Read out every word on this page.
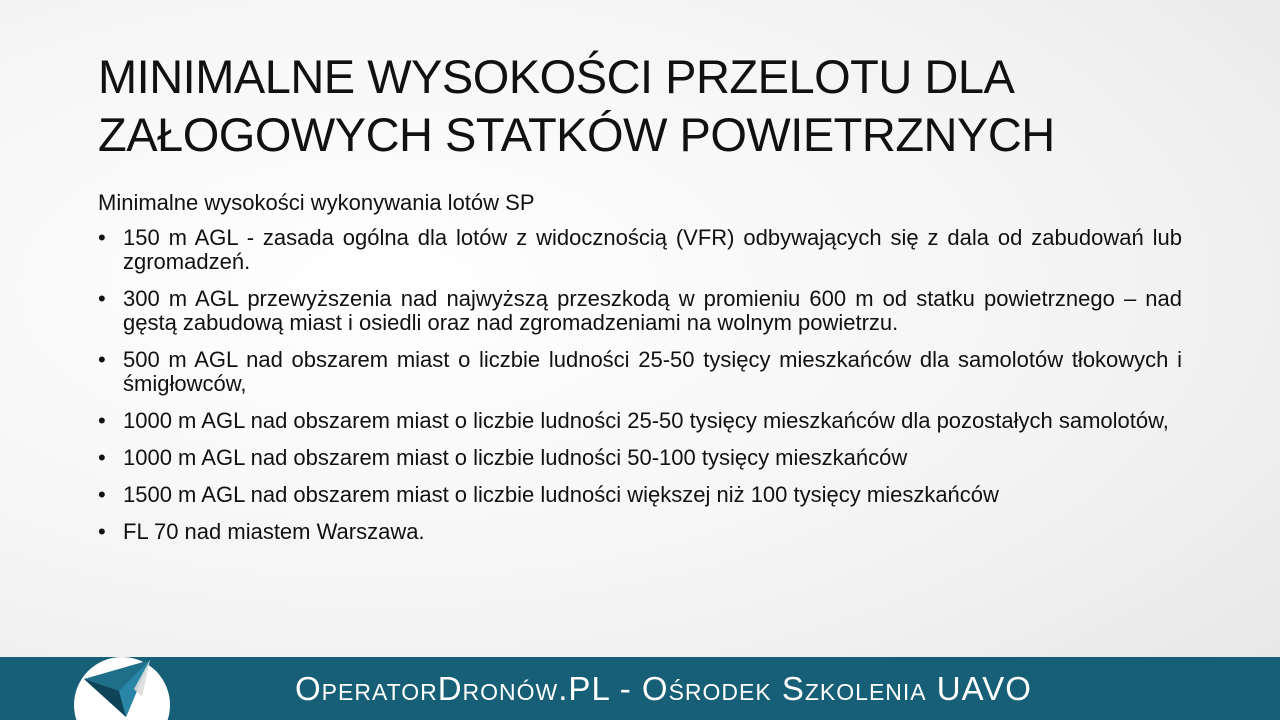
MINIMALNE WYSOKOŚCI PRZELOTU DLA
ZAŁOGOWYCH STATKÓW POWIETRZNYCH

Minimalne wysokości wykonywania lotów SP

• 150 m AGL - zasada ogólna dla lotów z widocznością (VFR) odbywających się z dala od zabudowań lub zgromadzeń.
• 300 m AGL przewyższenia nad najwyższą przeszkodą w promieniu 600 m od statku powietrznego – nad gęstą zabudową miast i osiedli oraz nad zgromadzeniami na wolnym powietrzu.
• 500 m AGL nad obszarem miast o liczbie ludności 25-50 tysięcy mieszkańców dla samolotów tłokowych i śmigłowców,
• 1000 m AGL nad obszarem miast o liczbie ludności 25-50 tysięcy mieszkańców dla pozostałych samolotów,
• 1000 m AGL nad obszarem miast o liczbie ludności 50-100 tysięcy mieszkańców
• 1500 m AGL nad obszarem miast o liczbie ludności większej niż 100 tysięcy mieszkańców
• FL 70 nad miastem Warszawa.
OperatorDronów.PL - Ośrodek Szkolenia UAVO
